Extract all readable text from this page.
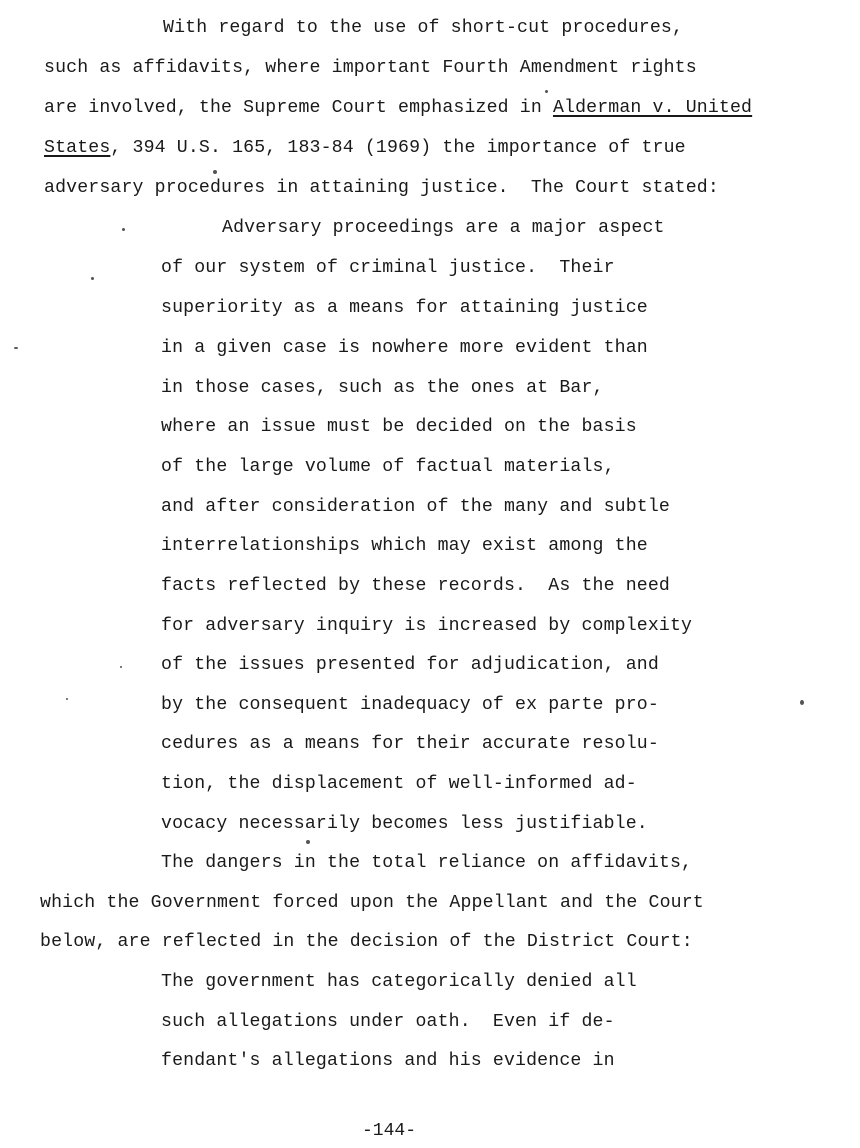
With regard to the use of short-cut procedures,
such as affidavits, where important Fourth Amendment rights
are involved, the Supreme Court emphasized in Alderman v. United
States, 394 U.S. 165, 183-84 (1969) the importance of true
adversary procedures in attaining justice.  The Court stated:
Adversary proceedings are a major aspect
of our system of criminal justice.  Their
superiority as a means for attaining justice
in a given case is nowhere more evident than
in those cases, such as the ones at Bar,
where an issue must be decided on the basis
of the large volume of factual materials,
and after consideration of the many and subtle
interrelationships which may exist among the
facts reflected by these records.  As the need
for adversary inquiry is increased by complexity
of the issues presented for adjudication, and
by the consequent inadequacy of ex parte pro-
cedures as a means for their accurate resolu-
tion, the displacement of well-informed ad-
vocacy necessarily becomes less justifiable.
The dangers in the total reliance on affidavits,
which the Government forced upon the Appellant and the Court
below, are reflected in the decision of the District Court:
The government has categorically denied all
such allegations under oath.  Even if de-
fendant's allegations and his evidence in
-144-
